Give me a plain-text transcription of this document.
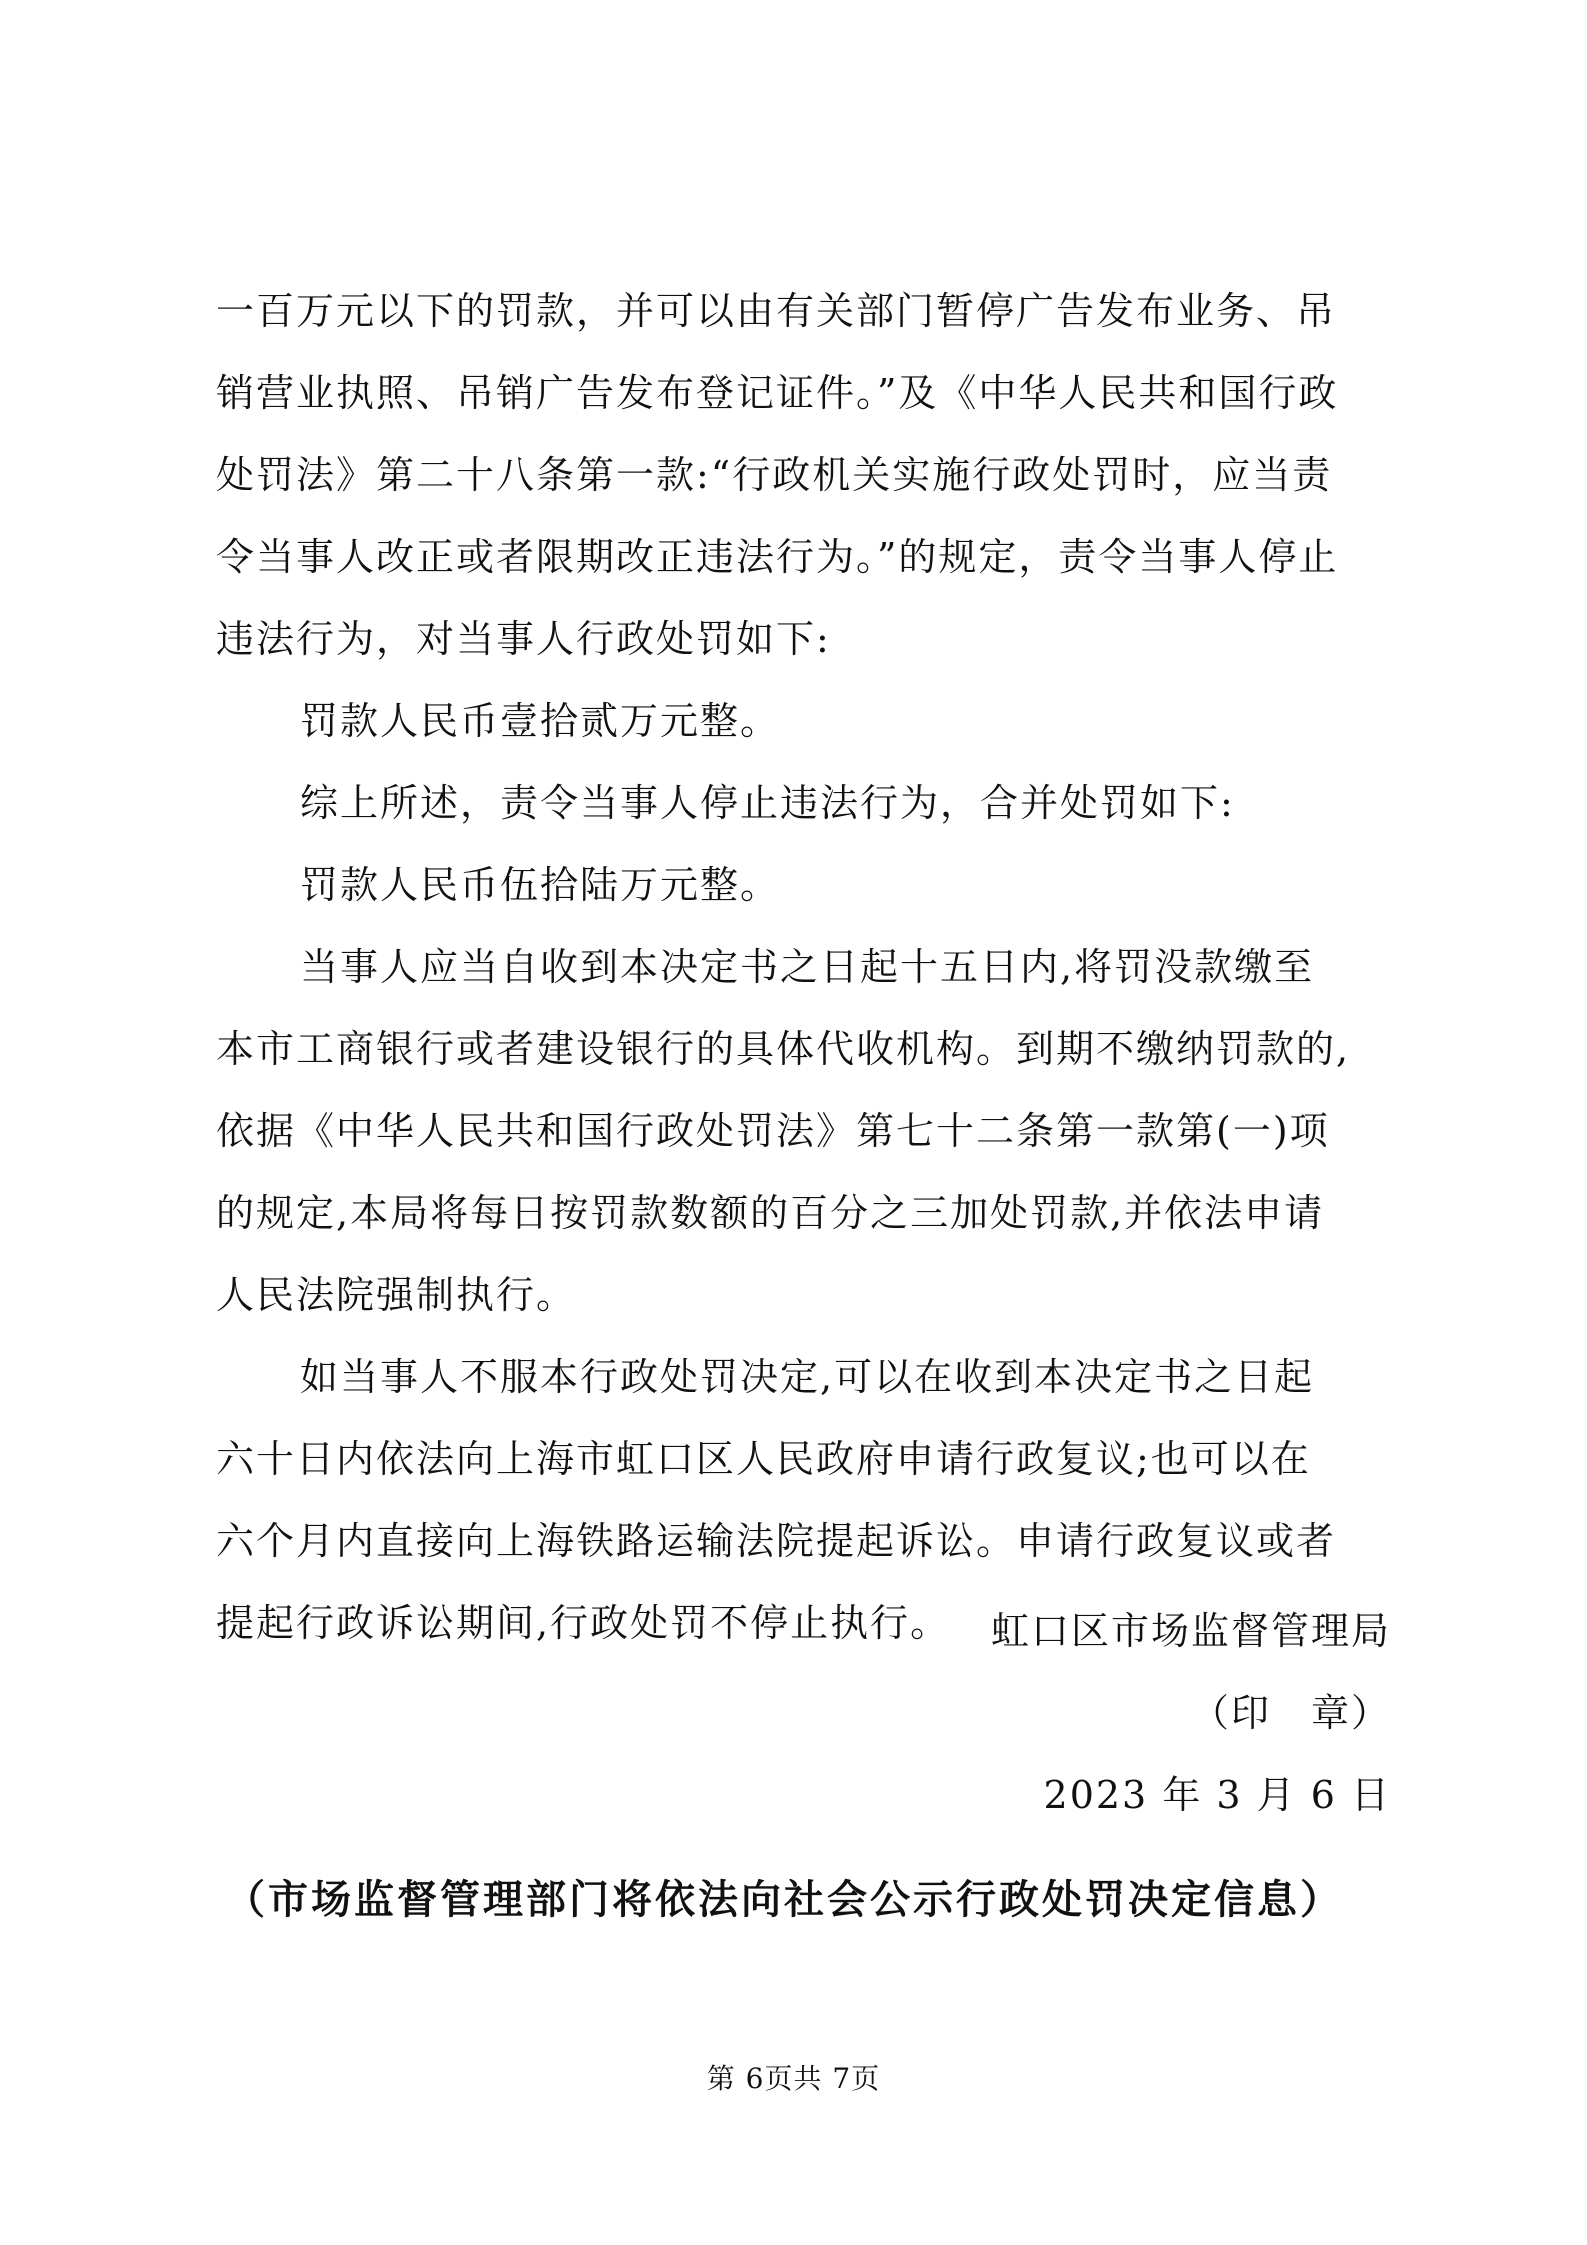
一百万元以下的罚款，并可以由有关部门暂停广告发布业务、吊
销营业执照、吊销广告发布登记证件。”及《中华人民共和国行政
处罚法》第二十八条第一款:“行政机关实施行政处罚时，应当责
令当事人改正或者限期改正违法行为。”的规定，责令当事人停止
违法行为，对当事人行政处罚如下:
罚款人民币壹拾贰万元整。
综上所述，责令当事人停止违法行为，合并处罚如下:
罚款人民币伍拾陆万元整。
当事人应当自收到本决定书之日起十五日内,将罚没款缴至
本市工商银行或者建设银行的具体代收机构。到期不缴纳罚款的,
依据《中华人民共和国行政处罚法》第七十二条第一款第(一)项
的规定,本局将每日按罚款数额的百分之三加处罚款,并依法申请
人民法院强制执行。
如当事人不服本行政处罚决定,可以在收到本决定书之日起
六十日内依法向上海市虹口区人民政府申请行政复议;也可以在
六个月内直接向上海铁路运输法院提起诉讼。申请行政复议或者
提起行政诉讼期间,行政处罚不停止执行。	虹口区市场监督管理局
（印　章）
2023 年 3 月 6 日
（市场监督管理部门将依法向社会公示行政处罚决定信息）
第 6页共 7页
